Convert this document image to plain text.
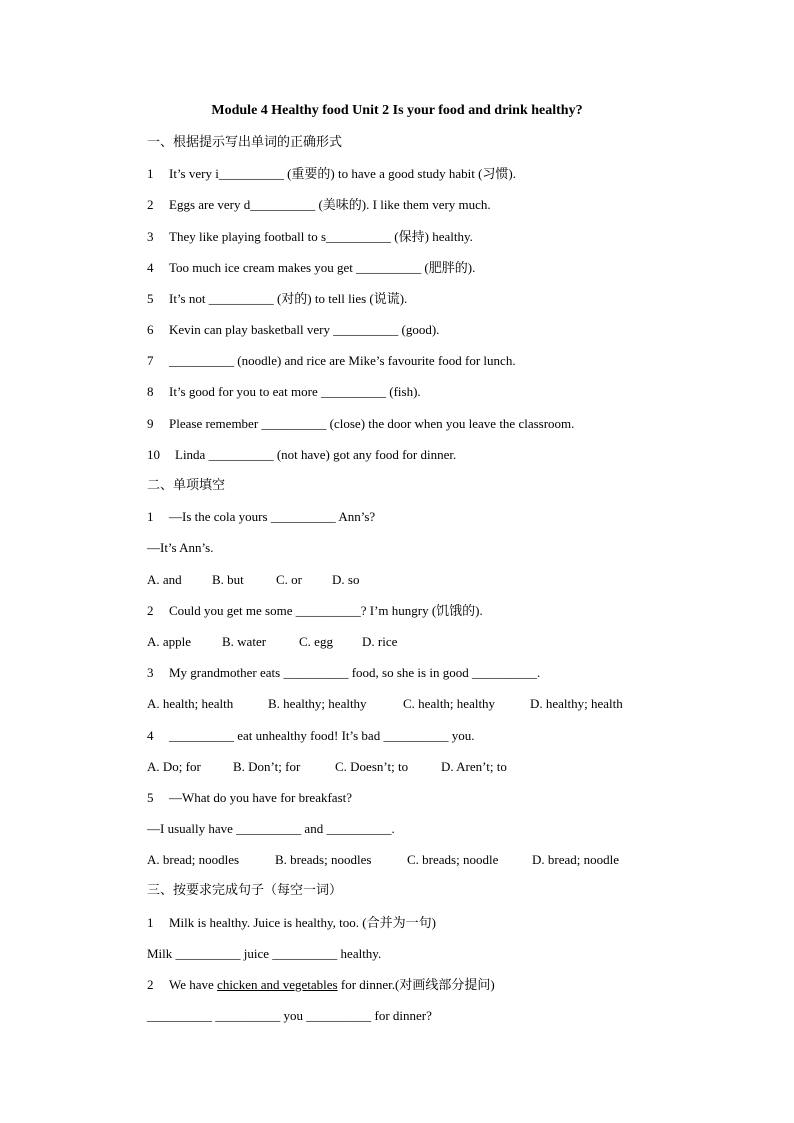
Module 4 Healthy food Unit 2 Is your food and drink healthy?
一、根据提示写出单词的正确形式
1 It’s very i__________ (重要的) to have a good study habit (习惯).
2 Eggs are very d__________ (美味的). I like them very much.
3 They like playing football to s__________ (保持) healthy.
4 Too much ice cream makes you get __________ (肥胖的).
5 It’s not __________ (对的) to tell lies (说谎).
6 Kevin can play basketball very __________ (good).
7 __________ (noodle) and rice are Mike’s favourite food for lunch.
8 It’s good for you to eat more __________ (fish).
9 Please remember __________ (close) the door when you leave the classroom.
10 Linda __________ (not have) got any food for dinner.
二、单项填空
1 —Is the cola yours __________ Ann’s?
—It’s Ann’s.
A. and B. but C. or D. so
2 Could you get me some __________? I’m hungry (饥饿的).
A. apple B. water	C. egg D. rice
3 My grandmother eats __________ food, so she is in good __________.
A. health; health	B. healthy; healthy	C. health; healthy	D. healthy; health
4 __________ eat unhealthy food! It’s bad __________ you.
A. Do; for B. Don’t; for	C. Doesn’t; to	D. Aren’t; to
5 —What do you have for breakfast?
—I usually have __________ and __________.
A. bread; noodles	B. breads; noodles	C. breads; noodle	D. bread; noodle
三、按要求完成句子（每空一词）
1 Milk is healthy. Juice is healthy, too. (合并为一句)
Milk __________ juice __________ healthy.
2 We have chicken and vegetables for dinner.(对画线部分提问)
__________ __________ you __________ for dinner?
